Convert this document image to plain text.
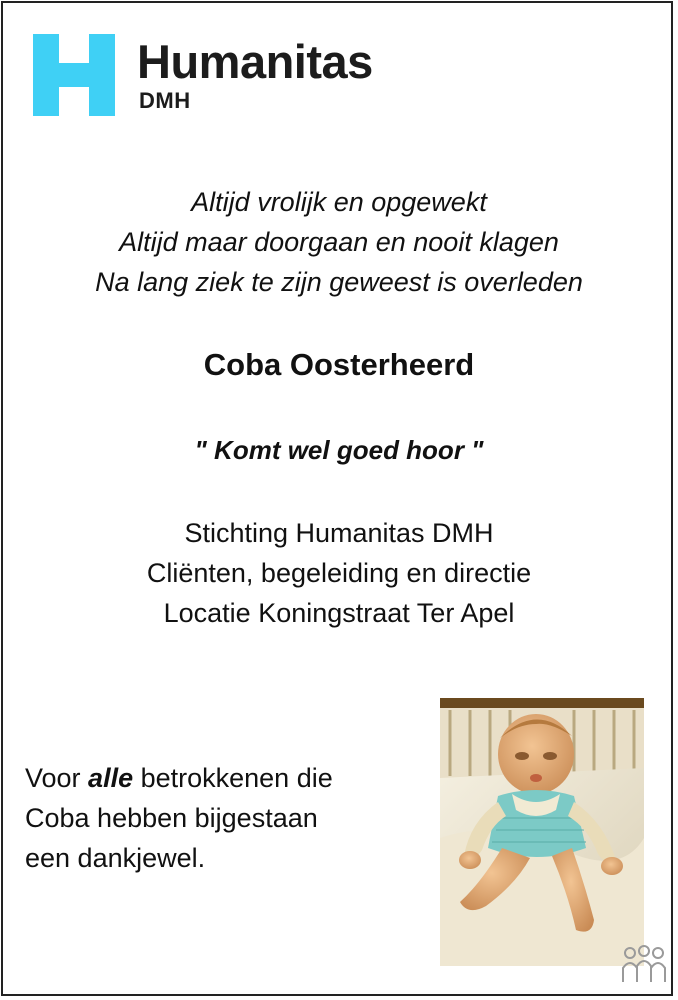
Humanitas
DMH
Altijd vrolijk en opgewekt
Altijd maar doorgaan en nooit klagen
Na lang ziek te zijn geweest is overleden
Coba Oosterheerd
" Komt wel goed hoor "
Stichting Humanitas DMH
Cliënten, begeleiding en directie
Locatie Koningstraat Ter Apel
Voor alle betrokkenen die
Coba hebben bijgestaan
een dankjewel.
